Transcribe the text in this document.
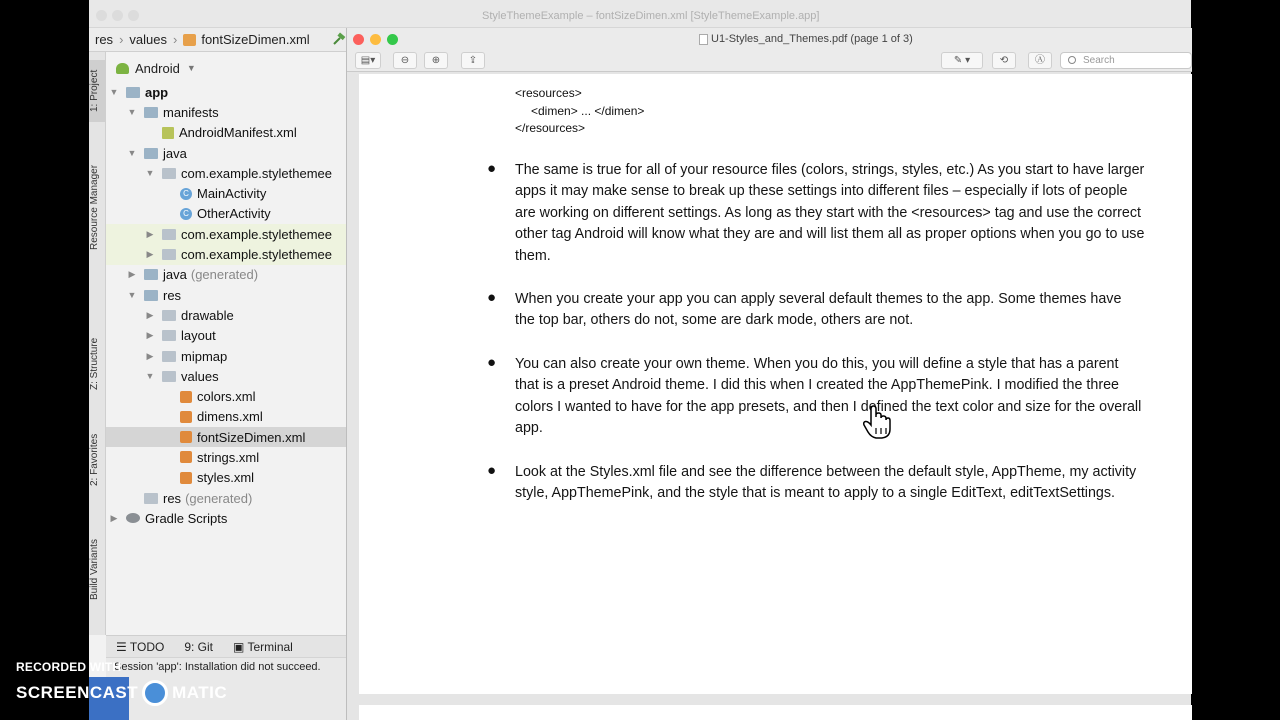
StyleThemeExample – fontSizeDimen.xml [StyleThemeExample.app]
res › values › fontSizeDimen.xml
1: Project
Resource Manager
Z: Structure
2: Favorites
Build Variants
Android ▼
▼ app
▼ manifests
AndroidManifest.xml
▼ java
▼ com.example.stylethemee
C MainActivity
C OtherActivity
▶ com.example.stylethemee
▶ com.example.stylethemee
▶ java (generated)
▼ res
▶ drawable
▶ layout
▶ mipmap
▼ values
colors.xml
dimens.xml
fontSizeDimen.xml
strings.xml
styles.xml
res (generated)
▶ Gradle Scripts
☰ TODO 9: Git ▣ Terminal
Session 'app': Installation did not succeed.
U1-Styles_and_Themes.pdf (page 1 of 3)
▤▾	⊖	⊕	⇪	✎ ▾	⟲	Ⓐ	Search
<resources>
<dimen> ... </dimen>
</resources>
● The same is true for all of your resource files (colors, strings, styles, etc.) As you start to have larger apps it may make sense to break up these settings into different files – especially if lots of people are working on different settings. As long as they start with the <resources> tag and use the correct other tag Android will know what they are and will list them all as proper options when you go to use them.
● When you create your app you can apply several default themes to the app. Some themes have the top bar, others do not, some are dark mode, others are not.
● You can also create your own theme. When you do this, you will define a style that has a parent that is a preset Android theme. I did this when I created the AppThemePink. I modified the three colors I wanted to have for the app presets, and then I defined the text color and size for the overall app.
● Look at the Styles.xml file and see the difference between the default style, AppTheme, my activity style, AppThemePink, and the style that is meant to apply to a single EditText, editTextSettings.
RECORDED WITH
SCREENCAST MATIC
